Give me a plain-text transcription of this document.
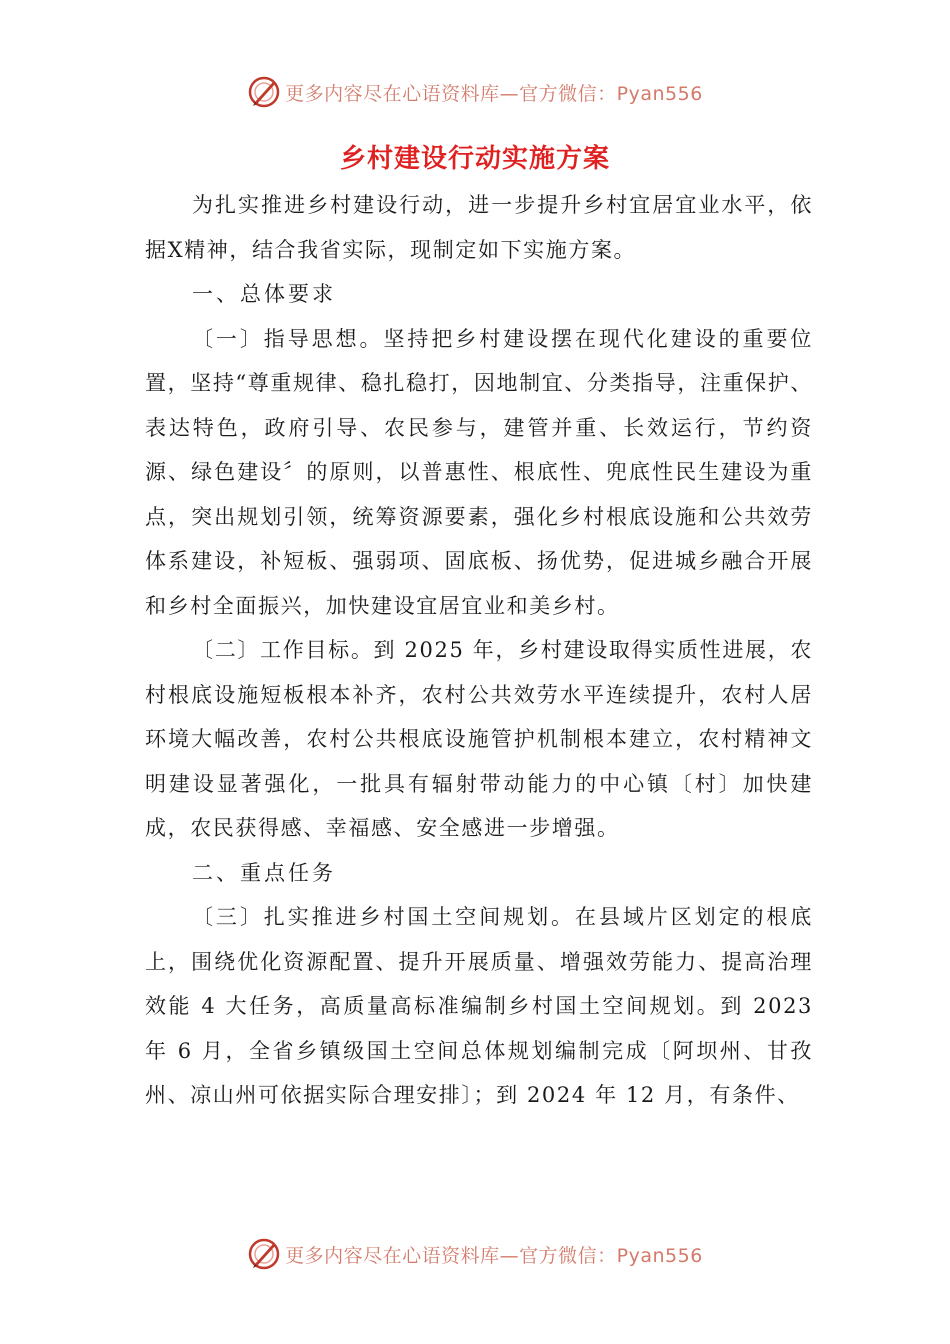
更多内容尽在心语资料库—官方微信：Pyan556
乡村建设行动实施方案

为扎实推进乡村建设行动，进一步提升乡村宜居宜业水平，依据X精神，结合我省实际，现制定如下实施方案。

一、总体要求

〔一〕指导思想。坚持把乡村建设摆在现代化建设的重要位置，坚持“尊重规律、稳扎稳打，因地制宜、分类指导，注重保护、表达特色，政府引导、农民参与，建管并重、长效运行，节约资源、绿色建设〞的原则，以普惠性、根底性、兜底性民生建设为重点，突出规划引领，统筹资源要素，强化乡村根底设施和公共效劳体系建设，补短板、强弱项、固底板、扬优势，促进城乡融合开展和乡村全面振兴，加快建设宜居宜业和美乡村。

〔二〕工作目标。到 2025 年，乡村建设取得实质性进展，农村根底设施短板根本补齐，农村公共效劳水平连续提升，农村人居环境大幅改善，农村公共根底设施管护机制根本建立，农村精神文明建设显著强化，一批具有辐射带动能力的中心镇〔村〕加快建成，农民获得感、幸福感、安全感进一步增强。

二、重点任务

〔三〕扎实推进乡村国土空间规划。在县域片区划定的根底上，围绕优化资源配置、提升开展质量、增强效劳能力、提高治理效能 4 大任务，高质量高标准编制乡村国土空间规划。到 2023 年 6 月，全省乡镇级国土空间总体规划编制完成〔阿坝州、甘孜州、凉山州可依据实际合理安排〕；到 2024 年 12 月，有条件、

更多内容尽在心语资料库—官方微信：Pyan556
